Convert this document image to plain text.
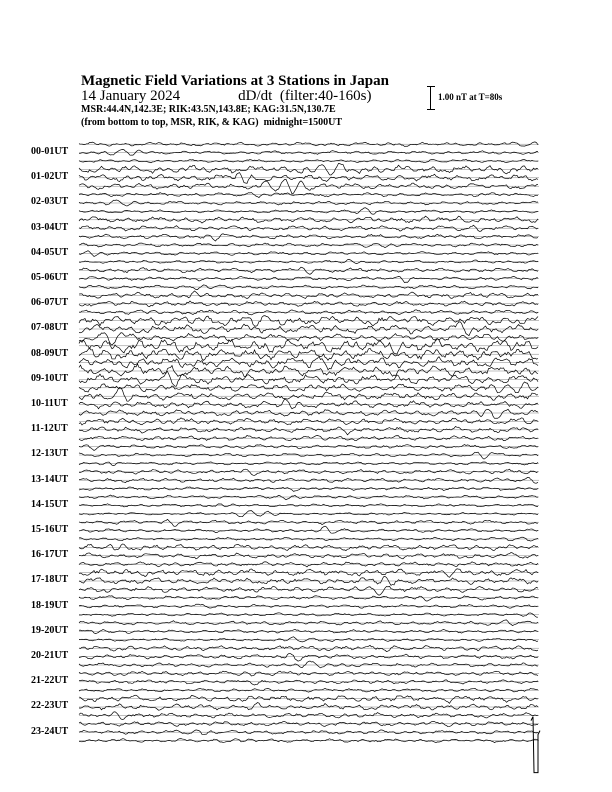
Magnetic Field Variations at 3 Stations in Japan
14 January 2024	dD/dt (filter:40-160s)
MSR:44.4N,142.3E; RIK:43.5N,143.8E; KAG:31.5N,130.7E
(from bottom to top, MSR, RIK, & KAG) midnight=1500UT
1.00 nT at T=80s
00-01UT
01-02UT
02-03UT
03-04UT
04-05UT
05-06UT
06-07UT
07-08UT
08-09UT
09-10UT
10-11UT
11-12UT
12-13UT
13-14UT
14-15UT
15-16UT
16-17UT
17-18UT
18-19UT
19-20UT
20-21UT
21-22UT
22-23UT
23-24UT
